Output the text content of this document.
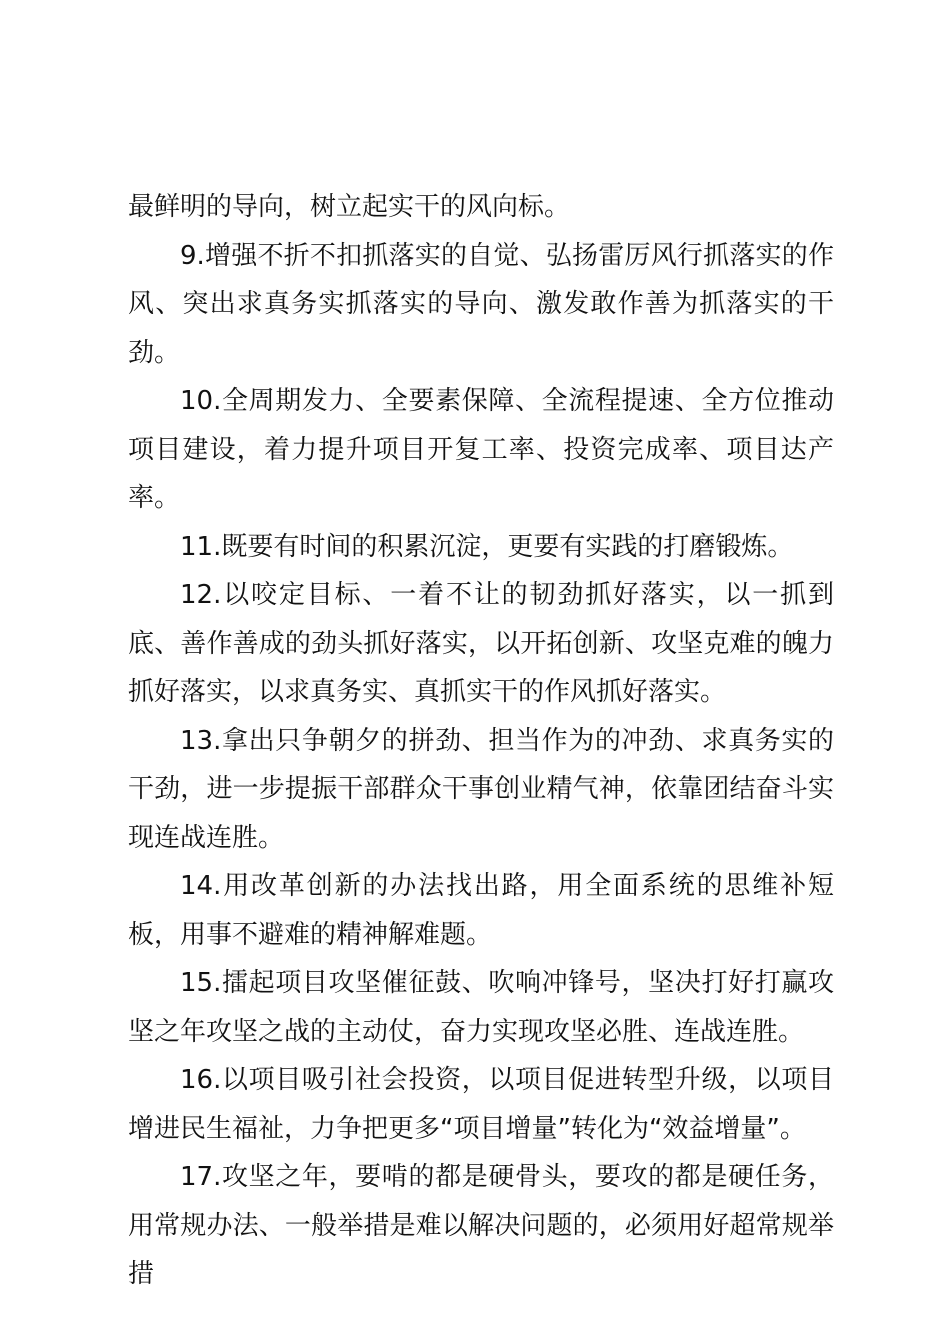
最鲜明的导向，树立起实干的风向标。

9.增强不折不扣抓落实的自觉、弘扬雷厉风行抓落实的作风、突出求真务实抓落实的导向、激发敢作善为抓落实的干劲。

10.全周期发力、全要素保障、全流程提速、全方位推动项目建设，着力提升项目开复工率、投资完成率、项目达产率。

11.既要有时间的积累沉淀，更要有实践的打磨锻炼。

12.以咬定目标、一着不让的韧劲抓好落实，以一抓到底、善作善成的劲头抓好落实，以开拓创新、攻坚克难的魄力抓好落实，以求真务实、真抓实干的作风抓好落实。

13.拿出只争朝夕的拼劲、担当作为的冲劲、求真务实的干劲，进一步提振干部群众干事创业精气神，依靠团结奋斗实现连战连胜。

14.用改革创新的办法找出路，用全面系统的思维补短板，用事不避难的精神解难题。

15.擂起项目攻坚催征鼓、吹响冲锋号，坚决打好打赢攻坚之年攻坚之战的主动仗，奋力实现攻坚必胜、连战连胜。

16.以项目吸引社会投资，以项目促进转型升级，以项目增进民生福祉，力争把更多“项目增量”转化为“效益增量”。

17.攻坚之年，要啃的都是硬骨头，要攻的都是硬任务，用常规办法、一般举措是难以解决问题的，必须用好超常规举措
